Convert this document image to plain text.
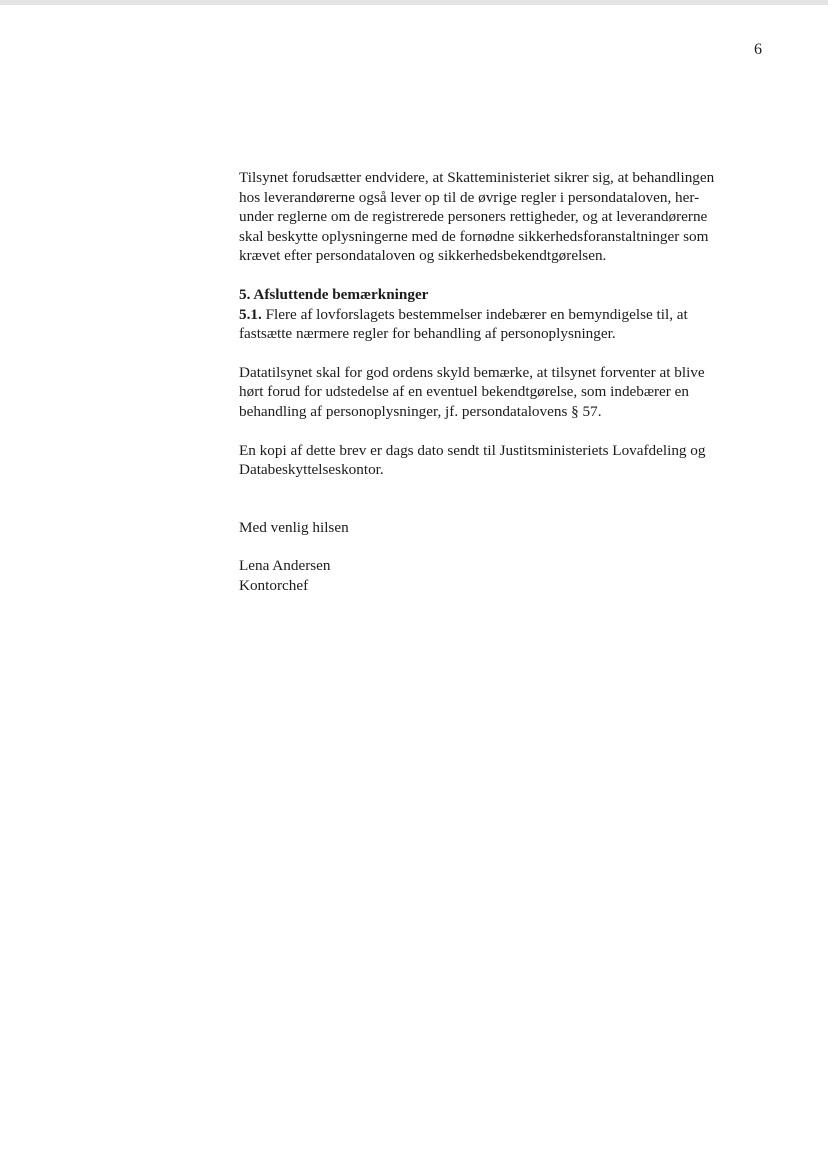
6

Tilsynet forudsætter endvidere, at Skatteministeriet sikrer sig, at behandlingen
hos leverandørerne også lever op til de øvrige regler i persondataloven, her-
under reglerne om de registrerede personers rettigheder, og at leverandørerne
skal beskytte oplysningerne med de fornødne sikkerhedsforanstaltninger som
krævet efter persondataloven og sikkerhedsbekendtgørelsen.

5. Afsluttende bemærkninger

5.1. Flere af lovforslagets bestemmelser indebærer en bemyndigelse til, at
fastsætte nærmere regler for behandling af personoplysninger.

Datatilsynet skal for god ordens skyld bemærke, at tilsynet forventer at blive
hørt forud for udstedelse af en eventuel bekendtgørelse, som indebærer en
behandling af personoplysninger, jf. persondatalovens § 57.

En kopi af dette brev er dags dato sendt til Justitsministeriets Lovafdeling og
Databeskyttelseskontor.

Med venlig hilsen

Lena Andersen

Kontorchef
